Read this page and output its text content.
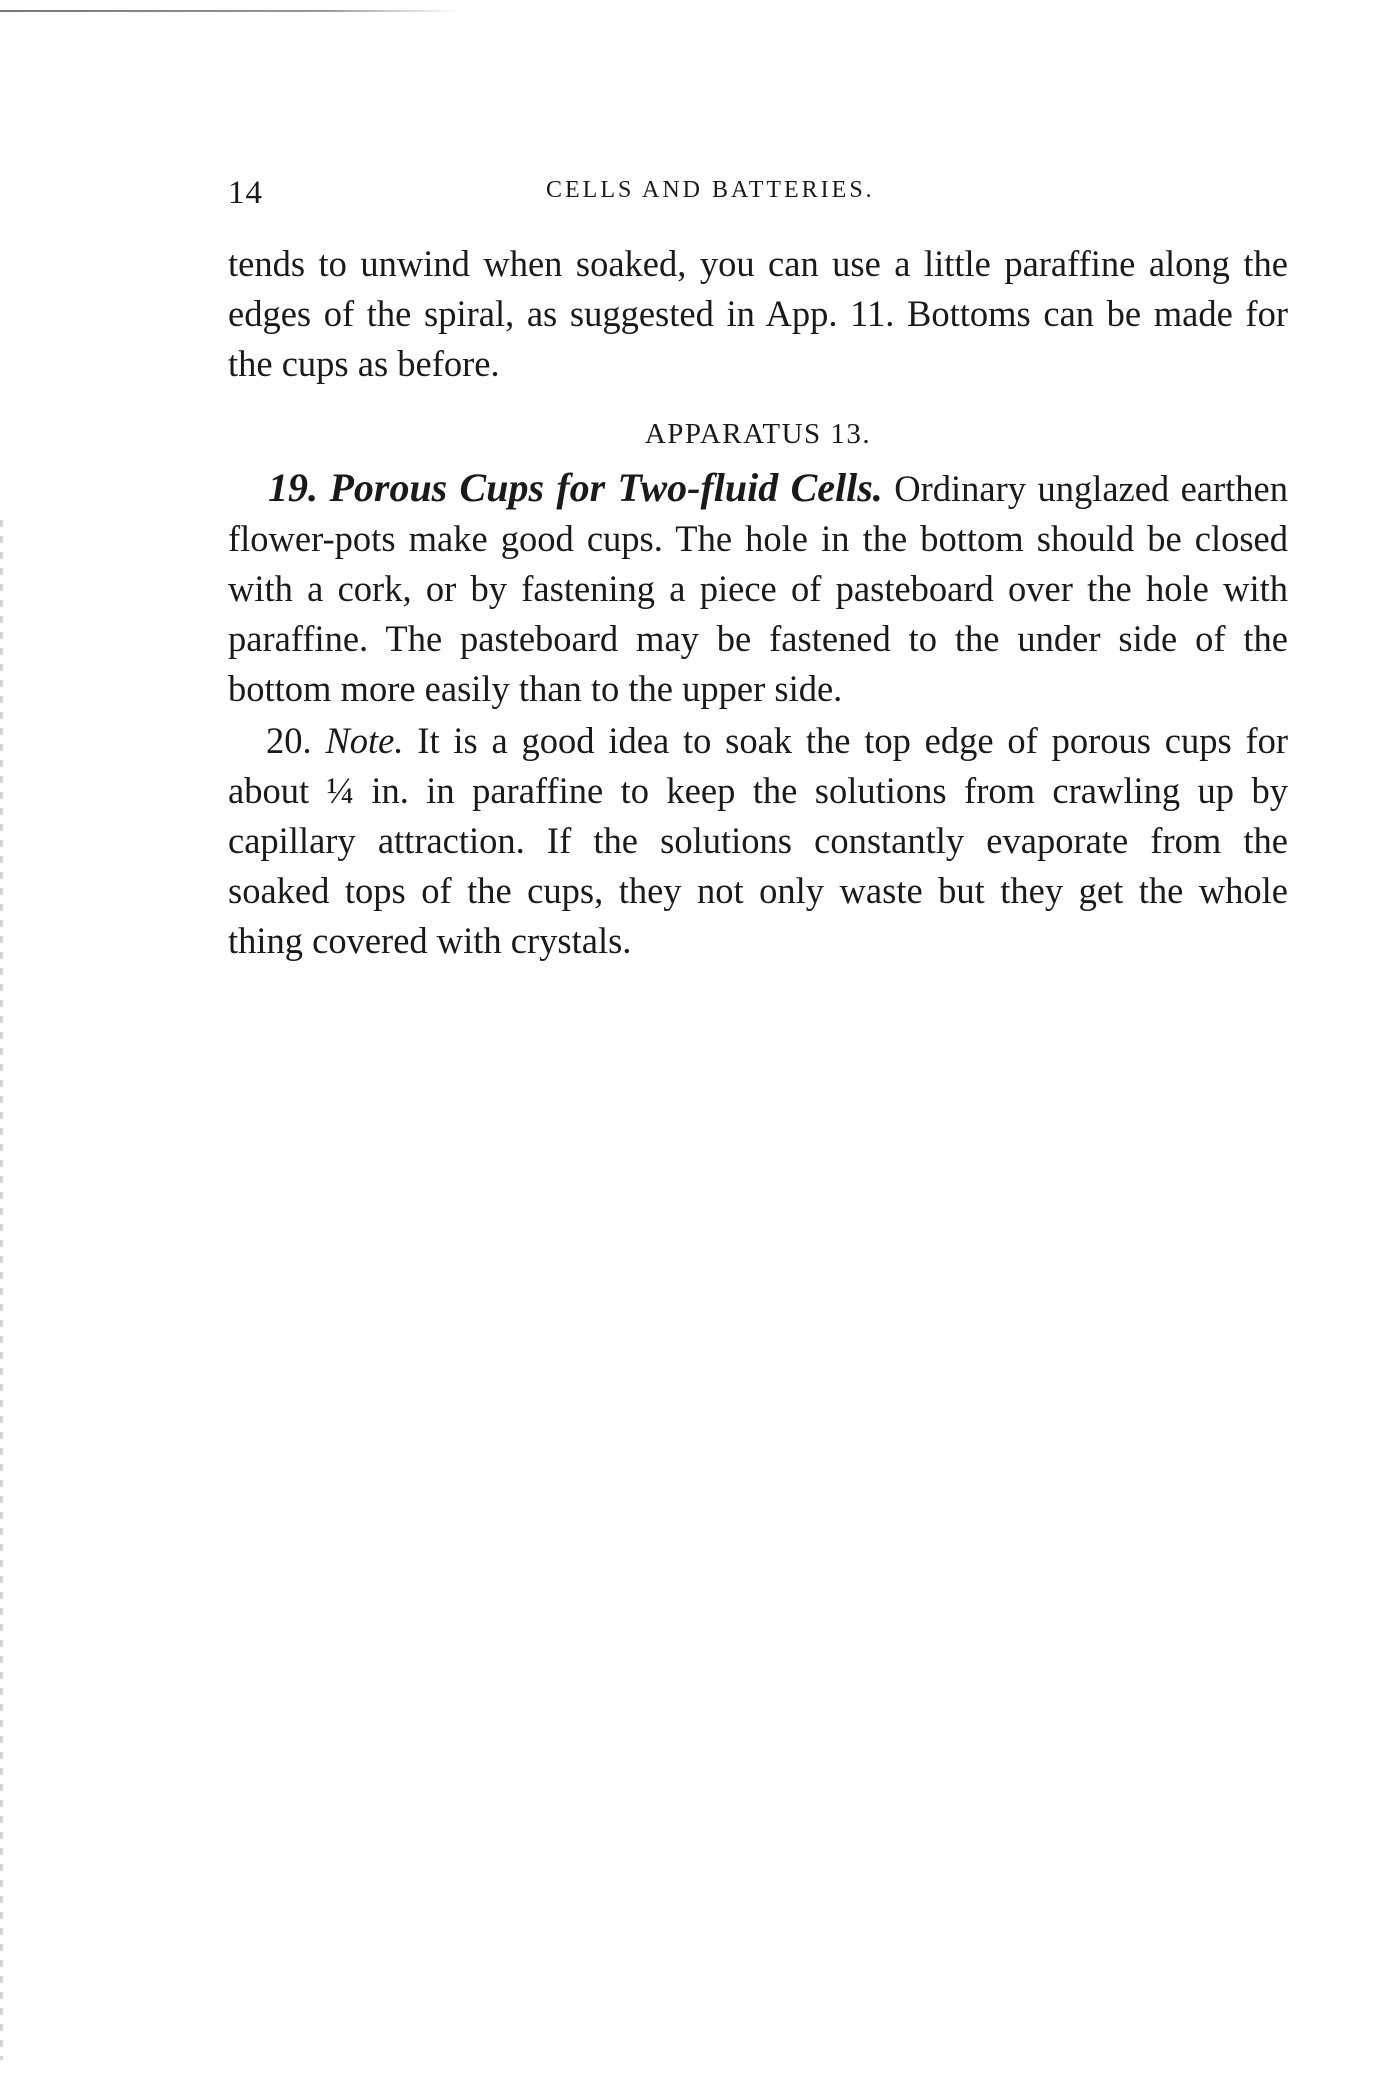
14	CELLS AND BATTERIES.

tends to unwind when soaked, you can use a little paraffine along the edges of the spiral, as suggested in App. 11. Bottoms can be made for the cups as before.

APPARATUS 13.

19. Porous Cups for Two-fluid Cells. Ordinary unglazed earthen flower-pots make good cups. The hole in the bottom should be closed with a cork, or by fastening a piece of pasteboard over the hole with paraffine. The pasteboard may be fastened to the under side of the bottom more easily than to the upper side.

20. Note. It is a good idea to soak the top edge of porous cups for about ¼ in. in paraffine to keep the solutions from crawling up by capillary attraction. If the solutions constantly evaporate from the soaked tops of the cups, they not only waste but they get the whole thing covered with crystals.
